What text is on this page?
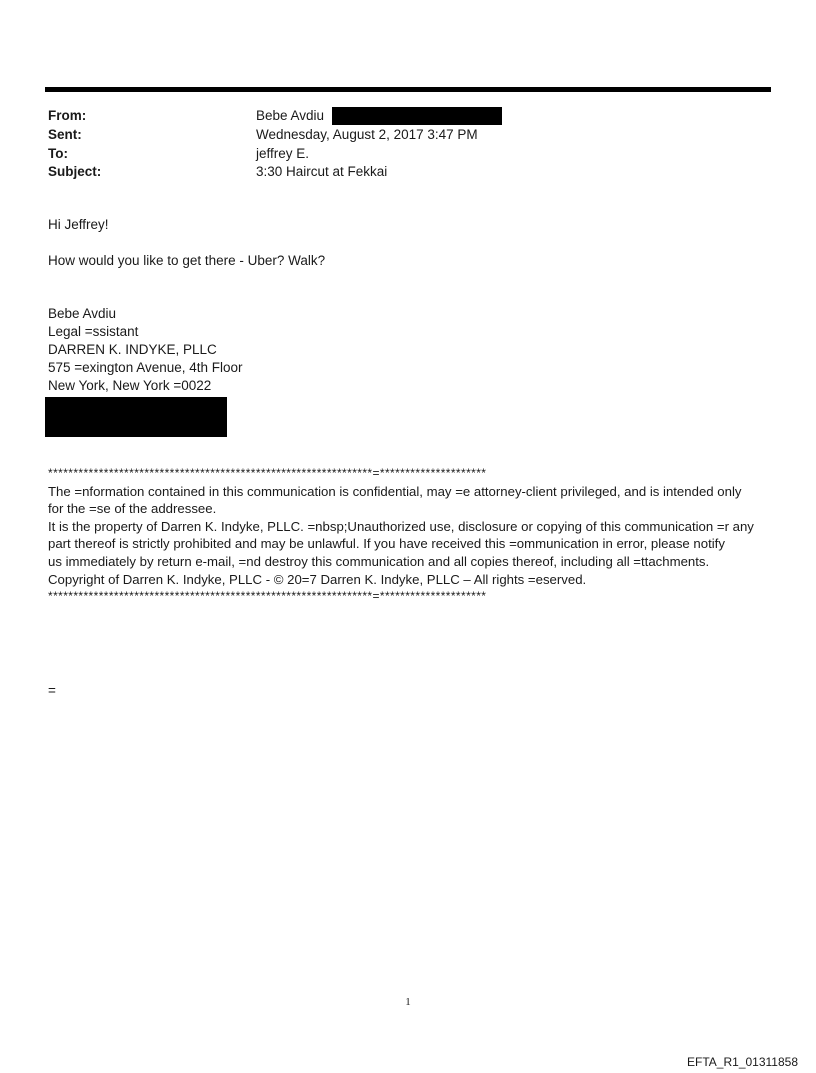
From:	Bebe Avdiu
Sent:	Wednesday, August 2, 2017 3:47 PM
To:	jeffrey E.
Subject:	3:30 Haircut at Fekkai
Hi Jeffrey!
How would you like to get there - Uber? Walk?
Bebe Avdiu
Legal =ssistant
DARREN K. INDYKE, PLLC
575 =exington Avenue, 4th Floor
New York, New York =0022
****************************************************************=*********************
The =nformation contained in this communication is confidential, may =e attorney-client privileged, and is intended only
for the =se of the addressee.
It is the property of Darren K. Indyke, PLLC. =nbsp;Unauthorized use, disclosure or copying of this communication =r any
part thereof is strictly prohibited and may be unlawful. If you have received this =ommunication in error, please notify
us immediately by return e-mail, =nd destroy this communication and all copies thereof, including all =ttachments.
Copyright of Darren K. Indyke, PLLC - © 20=7 Darren K. Indyke, PLLC – All rights =eserved.
****************************************************************=*********************
=
1
EFTA_R1_01311858
